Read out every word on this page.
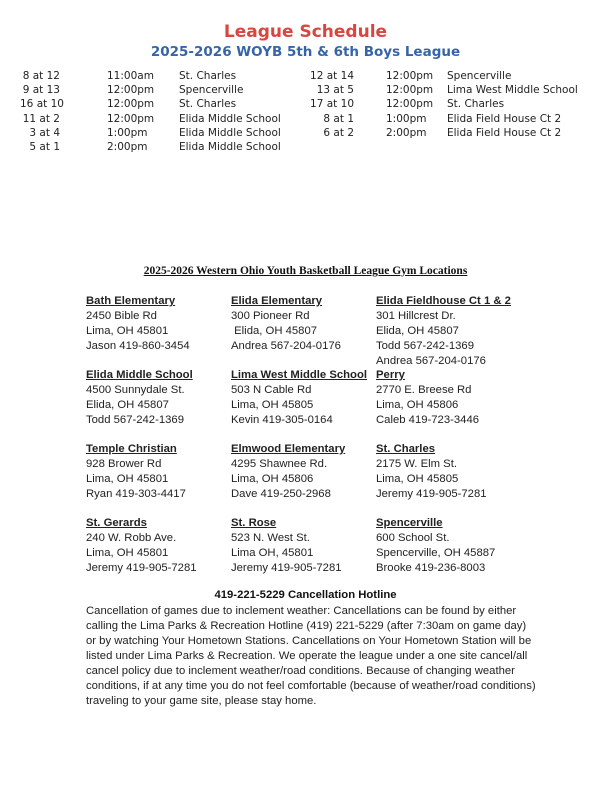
League Schedule
2025-2026 WOYB 5th & 6th Boys League
8 at 12	11:00am St. Charles
9 at 13	12:00pm Spencerville
16 at 10	12:00pm St. Charles
11 at 2	12:00pm Elida Middle School
3 at 4	1:00pm	Elida Middle School
5 at 1	2:00pm	Elida Middle School
12 at 14	12:00pm Spencerville
13 at 5	12:00pm Lima West Middle School
17 at 10	12:00pm St. Charles
8 at 1	1:00pm Elida Field House Ct 2
6 at 2	2:00pm Elida Field House Ct 2
2025-2026 Western Ohio Youth Basketball League Gym Locations
Bath Elementary
2450 Bible Rd
Lima, OH 45801
Jason 419-860-3454
Elida Elementary
300 Pioneer Rd
Elida, OH 45807
Andrea 567-204-0176
Elida Fieldhouse Ct 1 & 2
301 Hillcrest Dr.
Elida, OH 45807
Todd 567-242-1369
Andrea 567-204-0176
Elida Middle School
4500 Sunnydale St.
Elida, OH 45807
Todd 567-242-1369
Lima West Middle School
503 N Cable Rd
Lima, OH 45805
Kevin 419-305-0164
Perry
2770 E. Breese Rd
Lima, OH 45806
Caleb 419-723-3446
Temple Christian
928 Brower Rd
Lima, OH 45801
Ryan 419-303-4417
Elmwood Elementary
4295 Shawnee Rd.
Lima, OH 45806
Dave 419-250-2968
St. Charles
2175 W. Elm St.
Lima, OH 45805
Jeremy 419-905-7281
St. Gerards
240 W. Robb Ave.
Lima, OH 45801
Jeremy 419-905-7281
St. Rose
523 N. West St.
Lima OH, 45801
Jeremy 419-905-7281
Spencerville
600 School St.
Spencerville, OH 45887
Brooke 419-236-8003
419-221-5229 Cancellation Hotline
Cancellation of games due to inclement weather: Cancellations can be found by either calling the Lima Parks & Recreation Hotline (419) 221-5229 (after 7:30am on game day) or by watching Your Hometown Stations. Cancellations on Your Hometown Station will be listed under Lima Parks & Recreation. We operate the league under a one site cancel/all cancel policy due to inclement weather/road conditions. Because of changing weather conditions, if at any time you do not feel comfortable (because of weather/road conditions) traveling to your game site, please stay home.
